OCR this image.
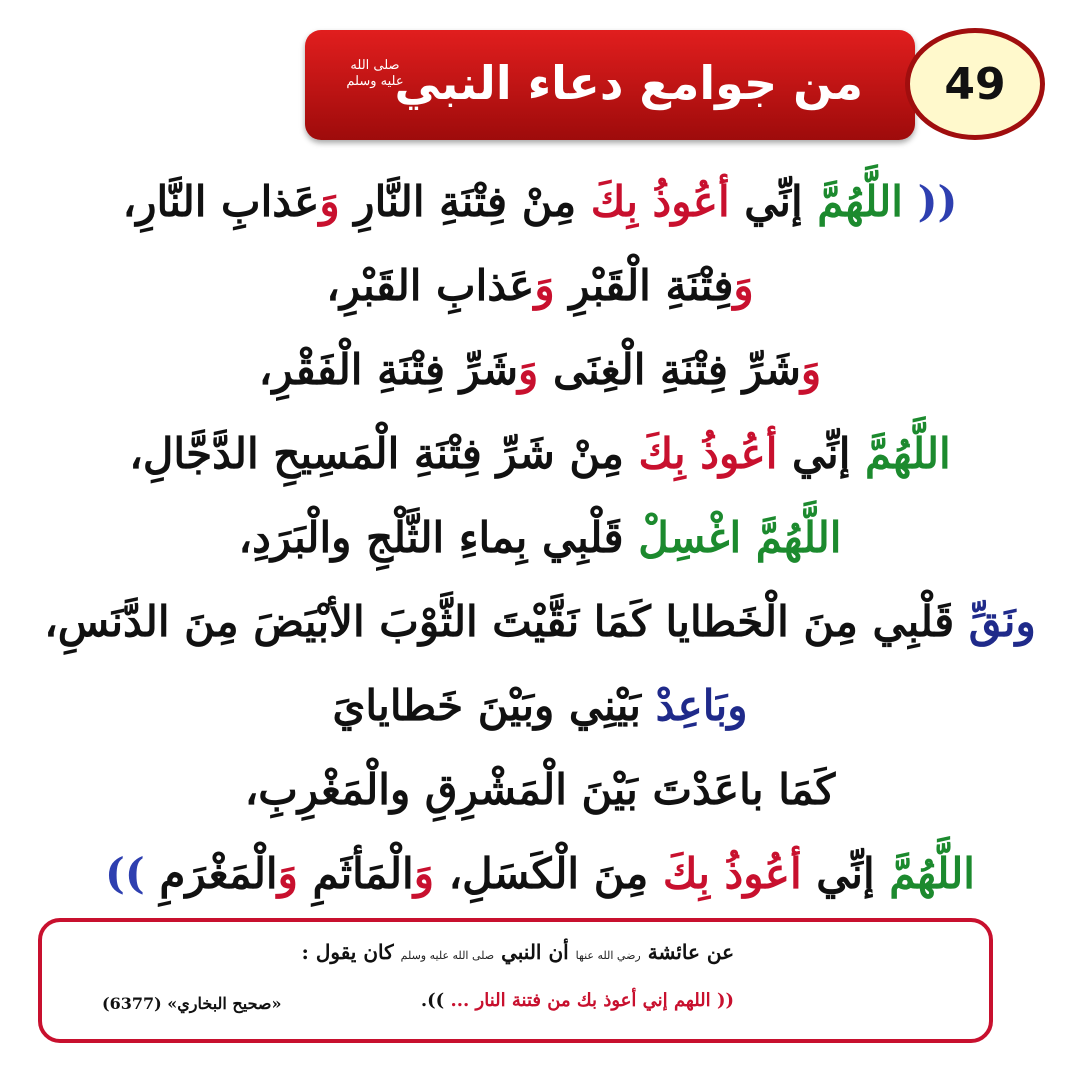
من جوامع دعاء النبي
صلى الله عليه وسلم	49
(( اللَّهُمَّ إنِّي أعُوذُ بِكَ مِنْ فِتْنَةِ النَّارِ وَعَذابِ النَّارِ،
وَفِتْنَةِ الْقَبْرِ وَعَذابِ القَبْرِ،
وَشَرِّ فِتْنَةِ الْغِنَى وَشَرِّ فِتْنَةِ الْفَقْرِ،
اللَّهُمَّ إنِّي أعُوذُ بِكَ مِنْ شَرِّ فِتْنَةِ الْمَسِيحِ الدَّجَّالِ،
اللَّهُمَّ اغْسِلْ قَلْبِي بِماءِ الثَّلْجِ والْبَرَدِ،
ونَقِّ قَلْبِي مِنَ الْخَطايا كَمَا نَقَّيْتَ الثَّوْبَ الأبْيَضَ مِنَ الدَّنَسِ،
وبَاعِدْ بَيْنِي وبَيْنَ خَطايايَ
كَمَا باعَدْتَ بَيْنَ الْمَشْرِقِ والْمَغْرِبِ،
اللَّهُمَّ إنِّي أعُوذُ بِكَ مِنَ الْكَسَلِ، وَالْمَأثَمِ وَالْمَغْرَمِ ))
عن عائشة رضي الله عنها أن النبي صلى الله عليه وسلم كان يقول :
(( اللهم إني أعوذ بك من فتنة النار ... )).
«صحيح البخاري» (6377)
